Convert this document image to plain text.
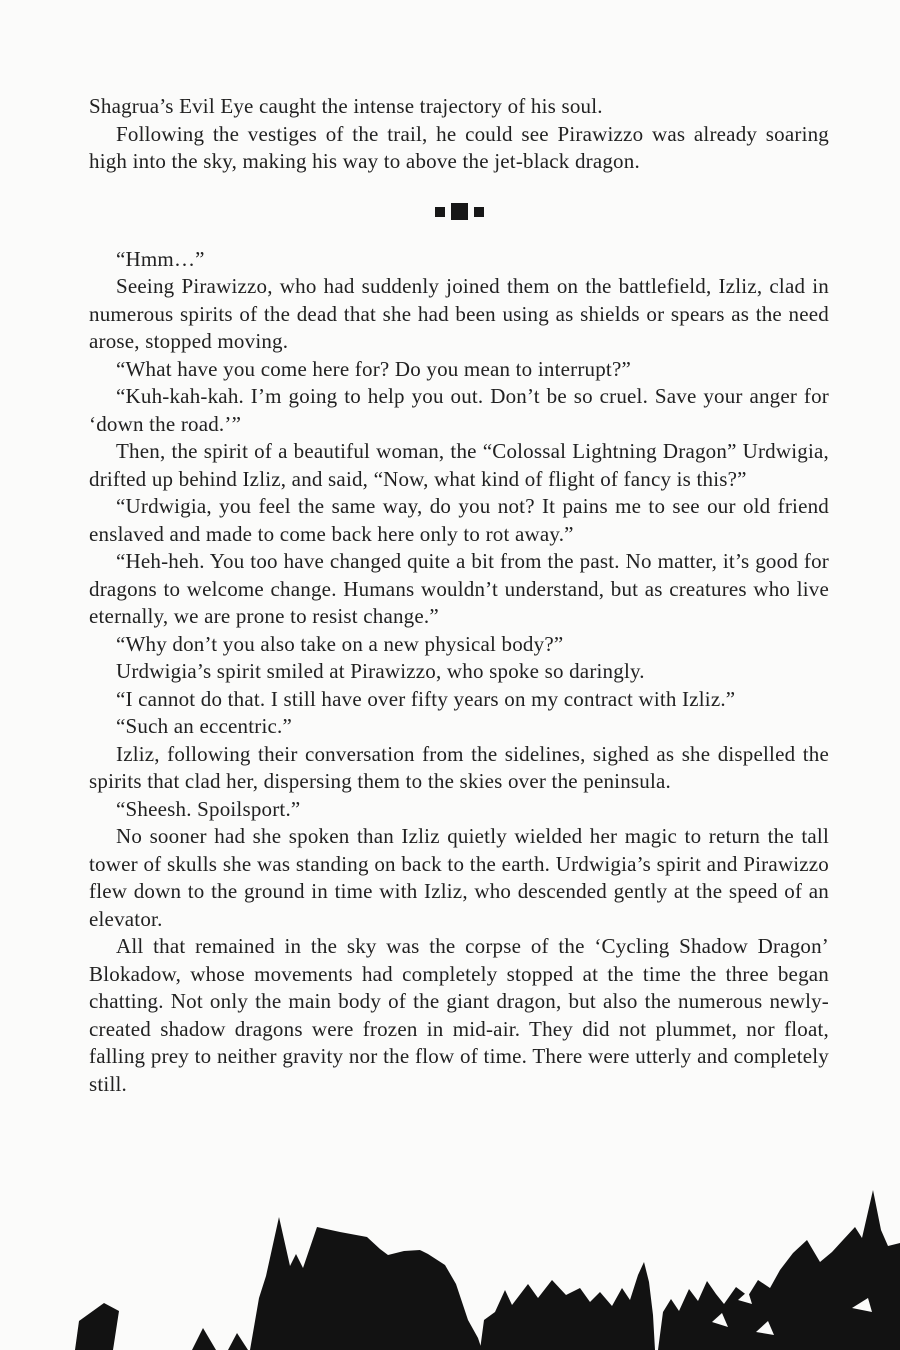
Shagrua’s Evil Eye caught the intense trajectory of his soul.

Following the vestiges of the trail, he could see Pirawizzo was already soaring high into the sky, making his way to above the jet-black dragon.

“Hmm…”

Seeing Pirawizzo, who had suddenly joined them on the battlefield, Izliz, clad in numerous spirits of the dead that she had been using as shields or spears as the need arose, stopped moving.

“What have you come here for? Do you mean to interrupt?”

“Kuh-kah-kah. I’m going to help you out. Don’t be so cruel. Save your anger for ‘down the road.’”

Then, the spirit of a beautiful woman, the “Colossal Lightning Dragon” Urdwigia, drifted up behind Izliz, and said, “Now, what kind of flight of fancy is this?”

“Urdwigia, you feel the same way, do you not? It pains me to see our old friend enslaved and made to come back here only to rot away.”

“Heh-heh. You too have changed quite a bit from the past. No matter, it’s good for dragons to welcome change. Humans wouldn’t understand, but as creatures who live eternally, we are prone to resist change.”

“Why don’t you also take on a new physical body?”

Urdwigia’s spirit smiled at Pirawizzo, who spoke so daringly.

“I cannot do that. I still have over fifty years on my contract with Izliz.”

“Such an eccentric.”

Izliz, following their conversation from the sidelines, sighed as she dispelled the spirits that clad her, dispersing them to the skies over the peninsula.

“Sheesh. Spoilsport.”

No sooner had she spoken than Izliz quietly wielded her magic to return the tall tower of skulls she was standing on back to the earth. Urdwigia’s spirit and Pirawizzo flew down to the ground in time with Izliz, who descended gently at the speed of an elevator.

All that remained in the sky was the corpse of the ‘Cycling Shadow Dragon’ Blokadow, whose movements had completely stopped at the time the three began chatting. Not only the main body of the giant dragon, but also the numerous newly-created shadow dragons were frozen in mid-air. They did not plummet, nor float, falling prey to neither gravity nor the flow of time. There were utterly and completely still.
